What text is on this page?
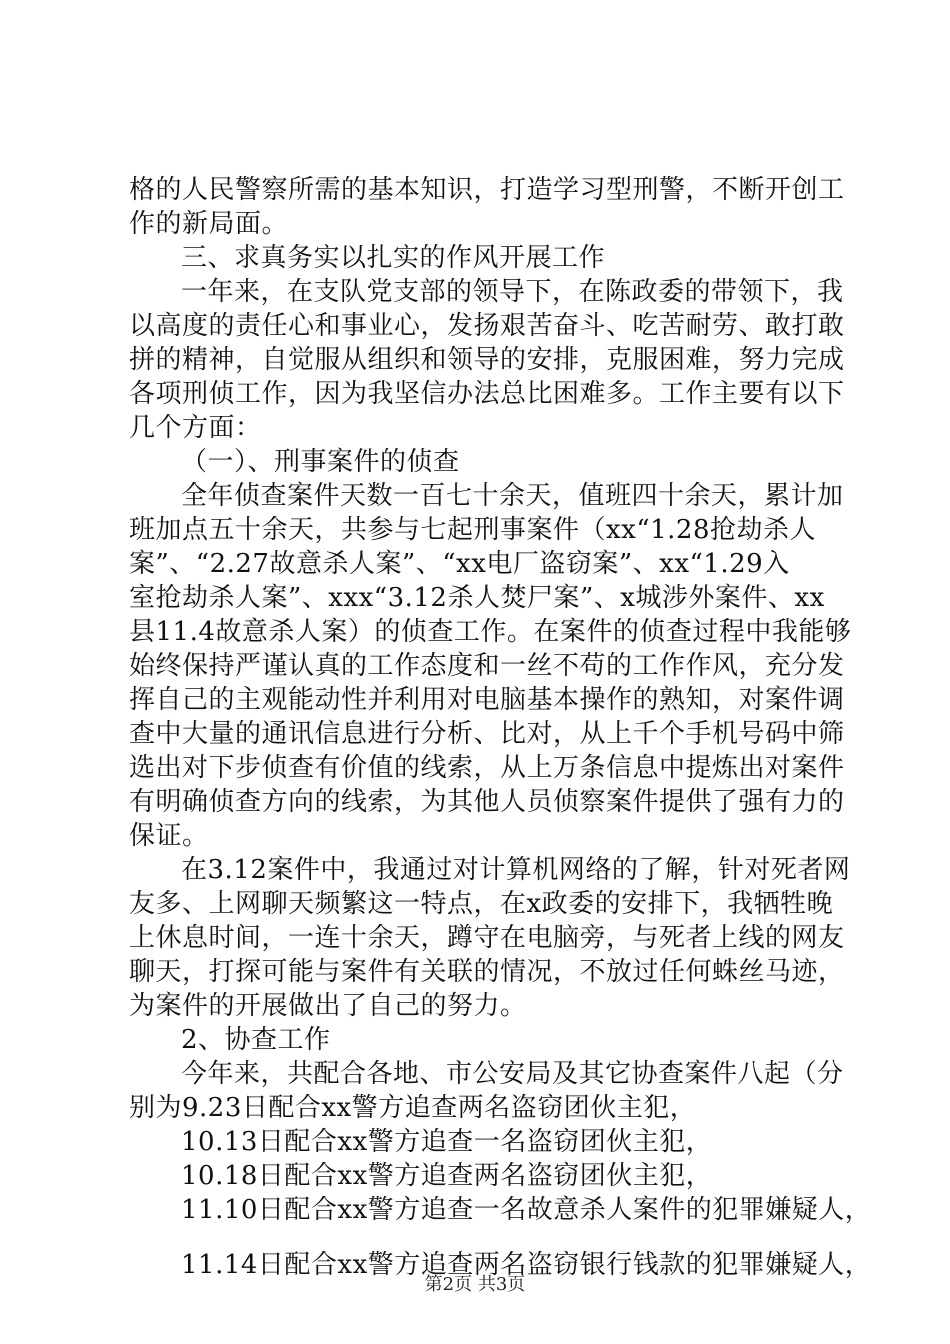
格的人民警察所需的基本知识，打造学习型刑警，不断开创工
作的新局面。
三、求真务实以扎实的作风开展工作
一年来，在支队党支部的领导下，在陈政委的带领下，我
以高度的责任心和事业心，发扬艰苦奋斗、吃苦耐劳、敢打敢
拼的精神，自觉服从组织和领导的安排，克服困难，努力完成
各项刑侦工作，因为我坚信办法总比困难多。工作主要有以下
几个方面：
（一）、刑事案件的侦查
全年侦查案件天数一百七十余天，值班四十余天，累计加
班加点五十余天，共参与七起刑事案件（xx“1.28抢劫杀人
案”、“2.27故意杀人案”、“xx电厂盗窃案”、xx“1.29入
室抢劫杀人案”、xxx“3.12杀人焚尸案”、x城涉外案件、xx
县11.4故意杀人案）的侦查工作。在案件的侦查过程中我能够
始终保持严谨认真的工作态度和一丝不苟的工作作风，充分发
挥自己的主观能动性并利用对电脑基本操作的熟知，对案件调
查中大量的通讯信息进行分析、比对，从上千个手机号码中筛
选出对下步侦查有价值的线索，从上万条信息中提炼出对案件
有明确侦查方向的线索，为其他人员侦察案件提供了强有力的
保证。
在3.12案件中，我通过对计算机网络的了解，针对死者网
友多、上网聊天频繁这一特点，在x政委的安排下，我牺牲晚
上休息时间，一连十余天，蹲守在电脑旁，与死者上线的网友
聊天，打探可能与案件有关联的情况，不放过任何蛛丝马迹，
为案件的开展做出了自己的努力。
2、协查工作
今年来，共配合各地、市公安局及其它协查案件八起（分
别为9.23日配合xx警方追查两名盗窃团伙主犯，
10.13日配合xx警方追查一名盗窃团伙主犯，
10.18日配合xx警方追查两名盗窃团伙主犯，
11.10日配合xx警方追查一名故意杀人案件的犯罪嫌疑人，
11.14日配合xx警方追查两名盗窃银行钱款的犯罪嫌疑人，
第2页 共3页
